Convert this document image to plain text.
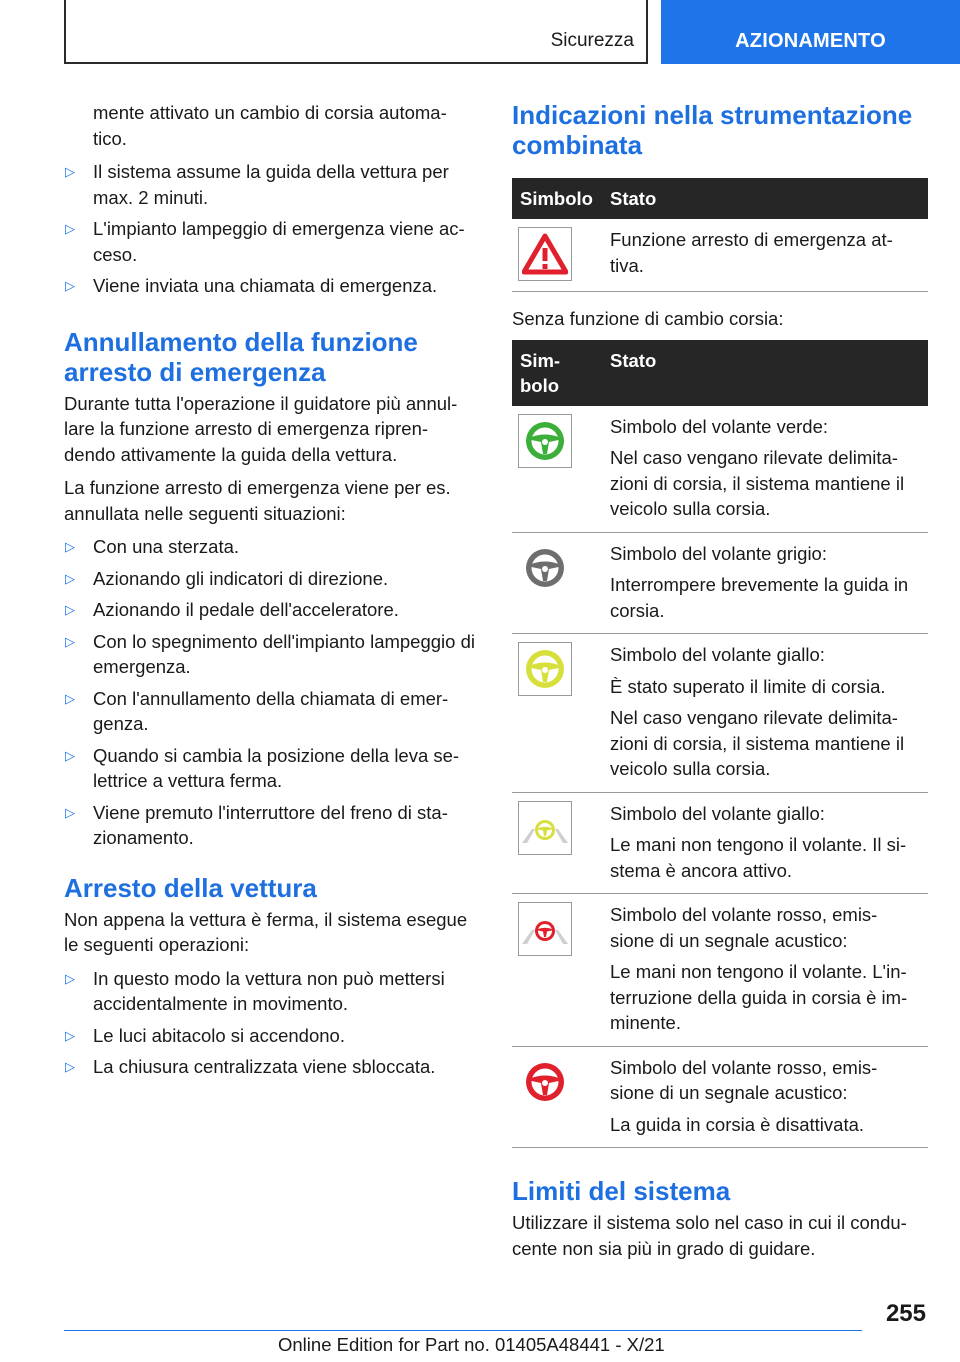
Sicurezza	AZIONAMENTO

mente attivato un cambio di corsia automa-tico.

▷ Il sistema assume la guida della vettura per max. 2 minuti.
▷ L'impianto lampeggio di emergenza viene ac-ceso.
▷ Viene inviata una chiamata di emergenza.
Annullamento della funzione arresto di emergenza

Durante tutta l'operazione il guidatore più annul-lare la funzione arresto di emergenza ripren-dendo attivamente la guida della vettura.

La funzione arresto di emergenza viene per es. annullata nelle seguenti situazioni:

▷ Con una sterzata.
▷ Azionando gli indicatori di direzione.
▷ Azionando il pedale dell'acceleratore.
▷ Con lo spegnimento dell'impianto lampeggio di emergenza.
▷ Con l'annullamento della chiamata di emer-genza.
▷ Quando si cambia la posizione della leva se-lettrice a vettura ferma.
▷ Viene premuto l'interruttore del freno di sta-zionamento.
Arresto della vettura

Non appena la vettura è ferma, il sistema esegue le seguenti operazioni:

▷ In questo modo la vettura non può mettersi accidentalmente in movimento.
▷ Le luci abitacolo si accendono.
▷ La chiusura centralizzata viene sbloccata.
Indicazioni nella strumentazione combinata
Simbolo	Stato

Funzione arresto di emergenza at-tiva.

Senza funzione di cambio corsia:

Sim-bolo	Stato

Simbolo del volante verde:

Nel caso vengano rilevate delimita-zioni di corsia, il sistema mantiene il veicolo sulla corsia.

Simbolo del volante grigio:

Interrompere brevemente la guida in corsia.

Simbolo del volante giallo:

È stato superato il limite di corsia.

Nel caso vengano rilevate delimita-zioni di corsia, il sistema mantiene il veicolo sulla corsia.

Simbolo del volante giallo:

Le mani non tengono il volante. Il si-stema è ancora attivo.

Simbolo del volante rosso, emis-sione di un segnale acustico:

Le mani non tengono il volante. L'in-terruzione della guida in corsia è im-minente.

Simbolo del volante rosso, emis-sione di un segnale acustico:

La guida in corsia è disattivata.

Limiti del sistema

Utilizzare il sistema solo nel caso in cui il condu-cente non sia più in grado di guidare.

255
Online Edition for Part no. 01405A48441 - X/21
